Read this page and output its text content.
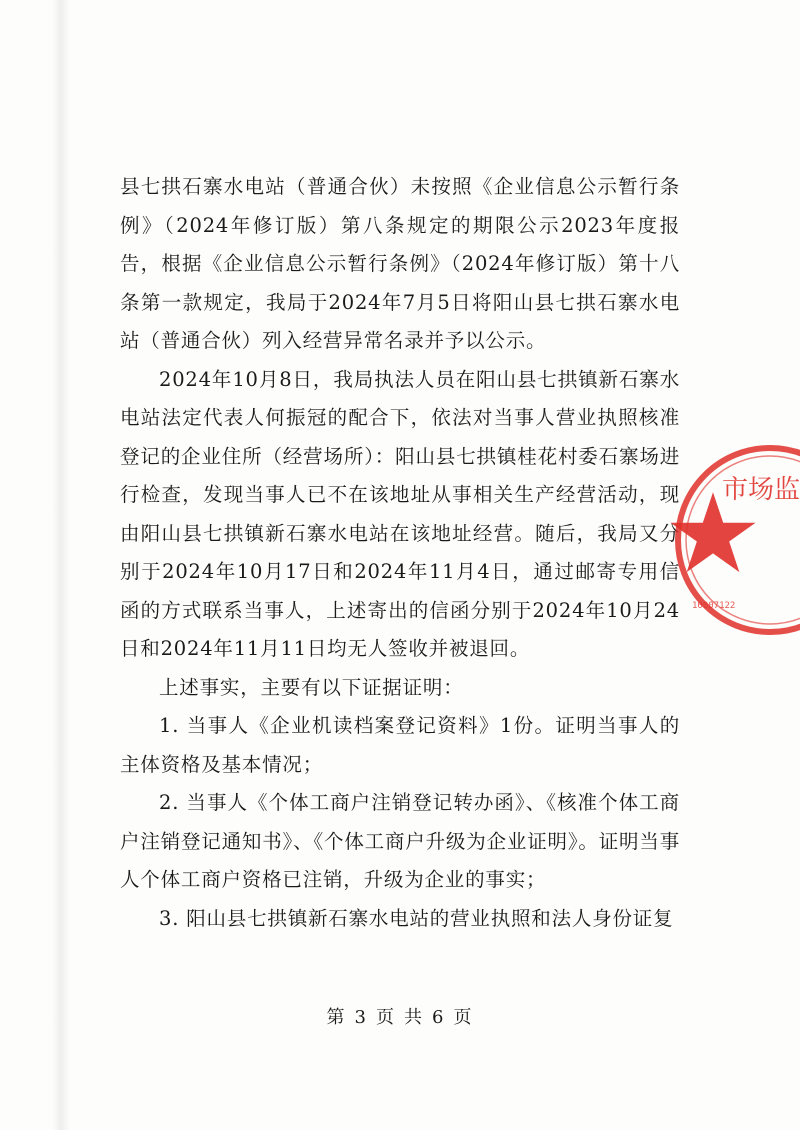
县七拱石寨水电站（普通合伙）未按照《企业信息公示暂行条例》（2024年修订版）第八条规定的期限公示2023年度报告，根据《企业信息公示暂行条例》（2024年修订版）第十八条第一款规定，我局于2024年7月5日将阳山县七拱石寨水电站（普通合伙）列入经营异常名录并予以公示。

2024年10月8日，我局执法人员在阳山县七拱镇新石寨水电站法定代表人何振冠的配合下，依法对当事人营业执照核准登记的企业住所（经营场所）：阳山县七拱镇桂花村委石寨场进行检查，发现当事人已不在该地址从事相关生产经营活动，现由阳山县七拱镇新石寨水电站在该地址经营。随后，我局又分别于2024年10月17日和2024年11月4日，通过邮寄专用信函的方式联系当事人，上述寄出的信函分别于2024年10月24日和2024年11月11日均无人签收并被退回。

上述事实，主要有以下证据证明：

1. 当事人《企业机读档案登记资料》1份。证明当事人的主体资格及基本情况；

2. 当事人《个体工商户注销登记转办函》、《核准个体工商户注销登记通知书》、《个体工商户升级为企业证明》。证明当事人个体工商户资格已注销，升级为企业的事实；

3. 阳山县七拱镇新石寨水电站的营业执照和法人身份证复

市场监
10007122
第 3 页 共 6 页
